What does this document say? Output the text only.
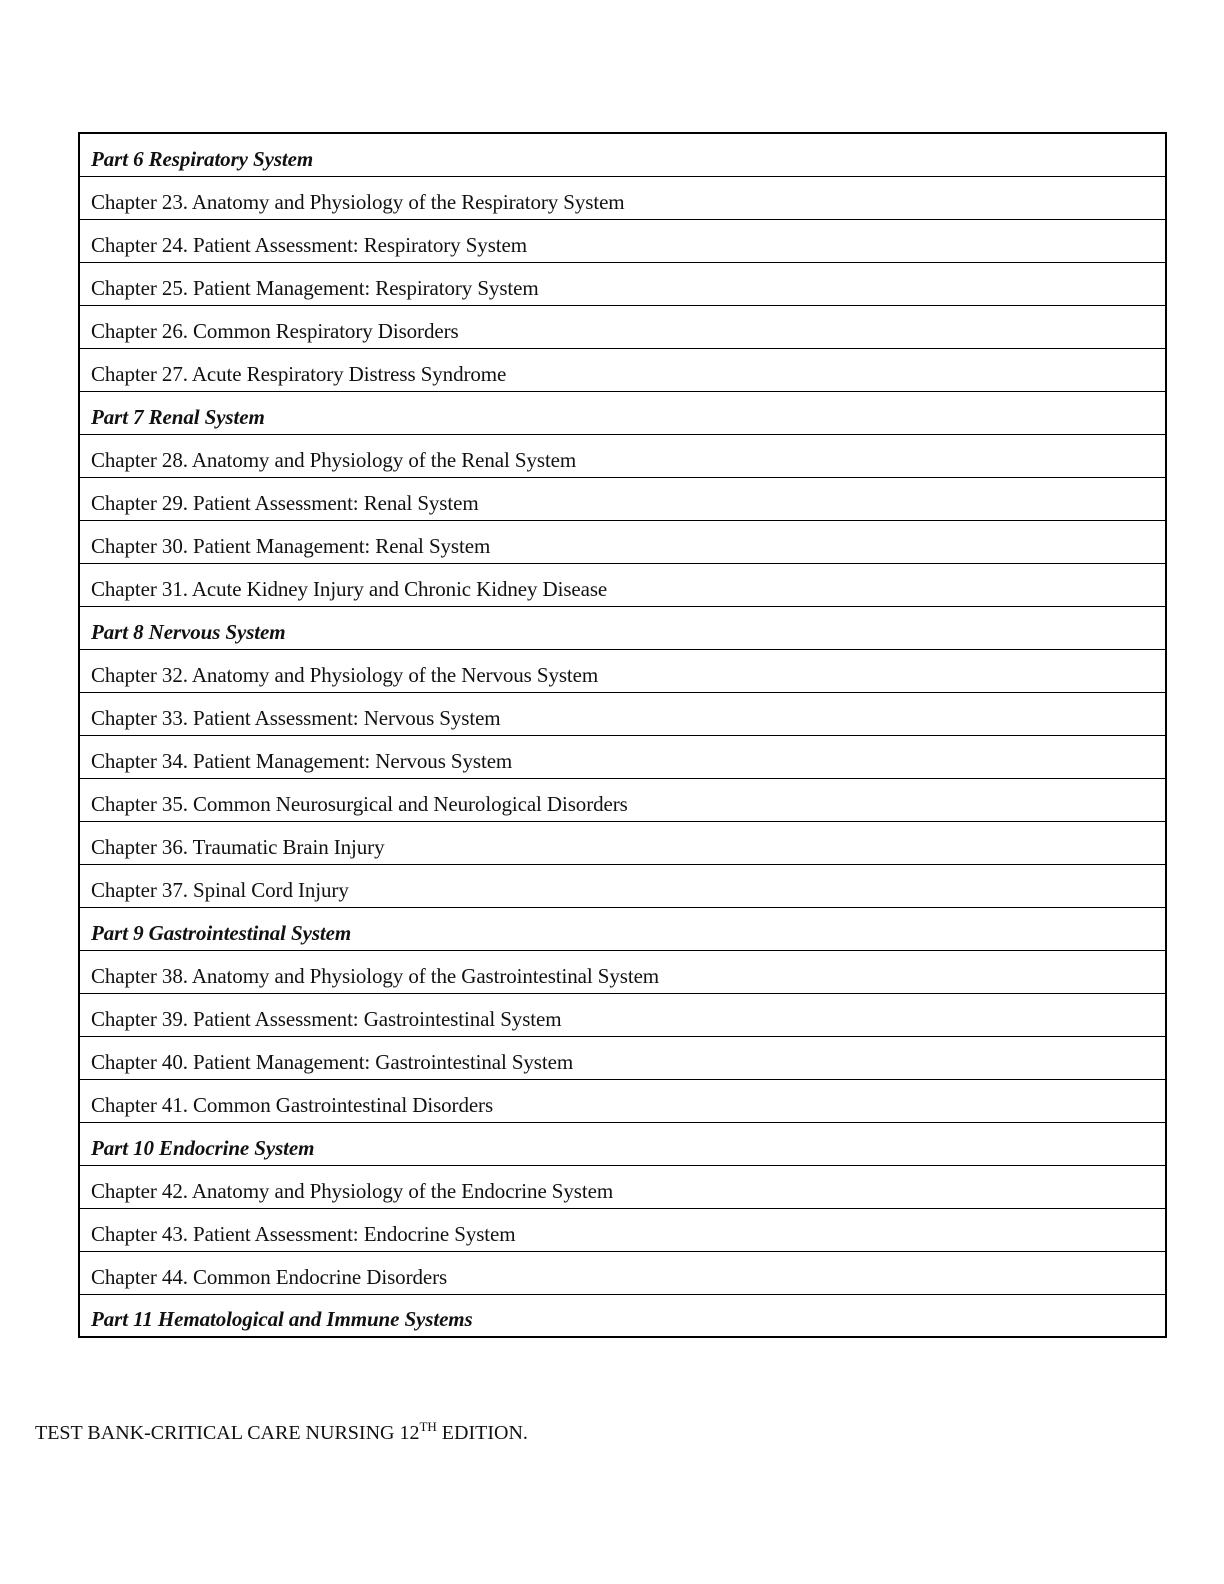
Part 6 Respiratory System
Chapter 23. Anatomy and Physiology of the Respiratory System
Chapter 24. Patient Assessment: Respiratory System
Chapter 25. Patient Management: Respiratory System
Chapter 26. Common Respiratory Disorders
Chapter 27. Acute Respiratory Distress Syndrome
Part 7 Renal System
Chapter 28. Anatomy and Physiology of the Renal System
Chapter 29. Patient Assessment: Renal System
Chapter 30. Patient Management: Renal System
Chapter 31. Acute Kidney Injury and Chronic Kidney Disease
Part 8 Nervous System
Chapter 32. Anatomy and Physiology of the Nervous System
Chapter 33. Patient Assessment: Nervous System
Chapter 34. Patient Management: Nervous System
Chapter 35. Common Neurosurgical and Neurological Disorders
Chapter 36. Traumatic Brain Injury
Chapter 37. Spinal Cord Injury
Part 9 Gastrointestinal System
Chapter 38. Anatomy and Physiology of the Gastrointestinal System
Chapter 39. Patient Assessment: Gastrointestinal System
Chapter 40. Patient Management: Gastrointestinal System
Chapter 41. Common Gastrointestinal Disorders
Part 10 Endocrine System
Chapter 42. Anatomy and Physiology of the Endocrine System
Chapter 43. Patient Assessment: Endocrine System
Chapter 44. Common Endocrine Disorders
Part 11 Hematological and Immune Systems
TEST BANK-CRITICAL CARE NURSING 12TH EDITION.
